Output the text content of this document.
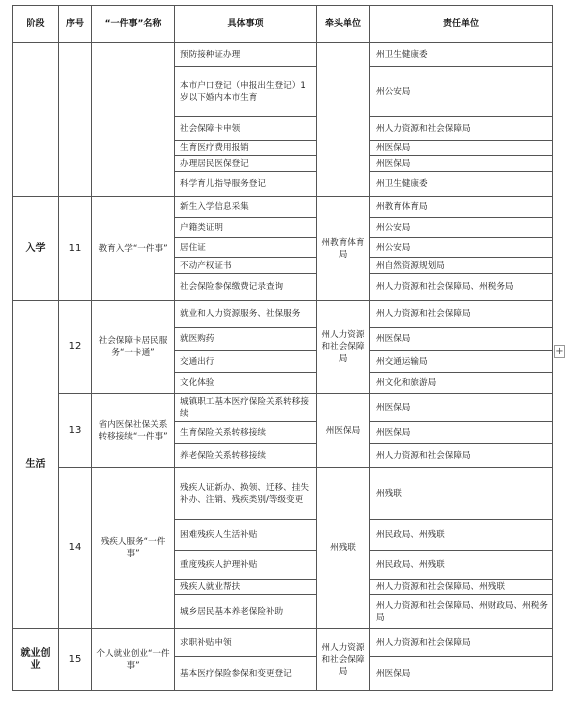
阶段	序号	“一件事”名称	具体事项	牵头单位	责任单位
			预防接种证办理		州卫生健康委
			本市户口登记（申报出生登记）1岁以下婚内本市生育		州公安局
			社会保障卡申领		州人力资源和社会保障局
			生育医疗费用报销		州医保局
			办理居民医保登记		州医保局
			科学育儿指导服务登记		州卫生健康委
入学	11	教育入学“一件事”	新生入学信息采集	州教育体育局	州教育体育局
			户籍类证明		州公安局
			居住证		州公安局
			不动产权证书		州自然资源规划局
			社会保险参保缴费记录查询		州人力资源和社会保障局、州税务局
生活	12	社会保障卡居民服务“一卡通”	就业和人力资源服务、社保服务	州人力资源和社会保障局	州人力资源和社会保障局
			就医购药		州医保局
			交通出行		州交通运输局
			文化体验		州文化和旅游局
	13	省内医保社保关系转移接续“一件事”	城镇职工基本医疗保险关系转移接续	州医保局	州医保局
			生育保险关系转移接续		州医保局
			养老保险关系转移接续		州人力资源和社会保障局
	14	残疾人服务“一件事”	残疾人证新办、换领、迁移、挂失补办、注销、残疾类别/等级变更	州残联	州残联
			困难残疾人生活补贴		州民政局、州残联
			重度残疾人护理补贴		州民政局、州残联
			残疾人就业帮扶		州人力资源和社会保障局、州残联
			城乡居民基本养老保险补助		州人力资源和社会保障局、州财政局、州税务局
就业创业	15	个人就业创业“一件事”	求职补贴申领	州人力资源和社会保障局	州人力资源和社会保障局
			基本医疗保险参保和变更登记		州医保局
+
